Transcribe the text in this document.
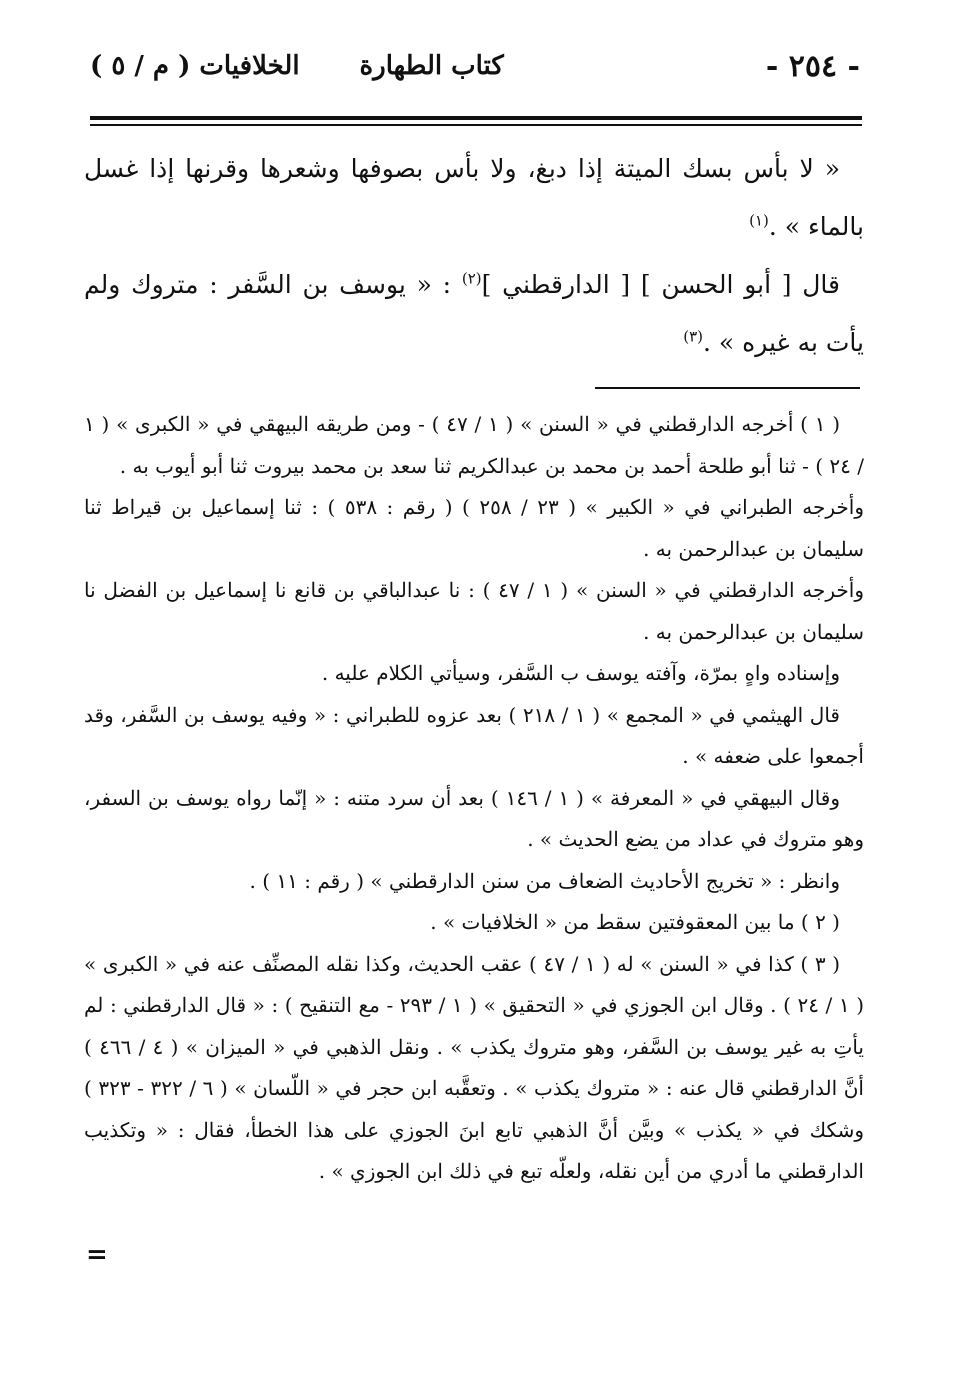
- ٢٥٤ -
كتاب الطهارة
الخلافيات ( م / ٥ )

« لا بأس بسك الميتة إذا دبغ، ولا بأس بصوفها وشعرها وقرنها إذا غسل بالماء » .$^{(١)}$

قال [ أبو الحسن ] [ الدارقطني ]$^{(٢)}$ : « يوسف بن السَّفر : متروك ولم يأت به غيره » .$^{(٣)}$

( ١ ) أخرجه الدارقطني في « السنن » ( ١ / ٤٧ ) - ومن طريقه البيهقي في « الكبرى » ( ١ / ٢٤ ) - ثنا أبو طلحة أحمد بن محمد بن عبدالكريم ثنا سعد بن محمد بيروت ثنا أبو أيوب به .

وأخرجه الطبراني في « الكبير » ( ٢٣ / ٢٥٨ ) ( رقم : ٥٣٨ ) : ثنا إسماعيل بن قيراط ثنا سليمان بن عبدالرحمن به .

وأخرجه الدارقطني في « السنن » ( ١ / ٤٧ ) : نا عبدالباقي بن قانع نا إسماعيل بن الفضل نا سليمان بن عبدالرحمن به .

وإسناده واهٍ بمرّة، وآفته يوسف ب السَّفر، وسيأتي الكلام عليه .

قال الهيثمي في « المجمع » ( ١ / ٢١٨ ) بعد عزوه للطبراني : « وفيه يوسف بن السَّفر، وقد أجمعوا على ضعفه » .

وقال البيهقي في « المعرفة » ( ١ / ١٤٦ ) بعد أن سرد متنه : « إنّما رواه يوسف بن السفر، وهو متروك في عداد من يضع الحديث » .

وانظر : « تخريج الأحاديث الضعاف من سنن الدارقطني » ( رقم : ١١ ) .

( ٢ ) ما بين المعقوفتين سقط من « الخلافيات » .

( ٣ ) كذا في « السنن » له ( ١ / ٤٧ ) عقب الحديث، وكذا نقله المصنِّف عنه في « الكبرى » ( ١ / ٢٤ ) . وقال ابن الجوزي في « التحقيق » ( ١ / ٢٩٣ - مع التنقيح ) : « قال الدارقطني : لم يأتِ به غير يوسف بن السَّفر، وهو متروك يكذب » . ونقل الذهبي في « الميزان » ( ٤ / ٤٦٦ ) أنَّ الدارقطني قال عنه : « متروك يكذب » . وتعقَّبه ابن حجر في « اللّسان » ( ٦ / ٣٢٢ - ٣٢٣ ) وشكك في « يكذب » وبيَّن أنَّ الذهبي تابع ابنَ الجوزي على هذا الخطأ، فقال : « وتكذيب الدارقطني ما أدري من أين نقله، ولعلّه تبع في ذلك ابن الجوزي » .

=
